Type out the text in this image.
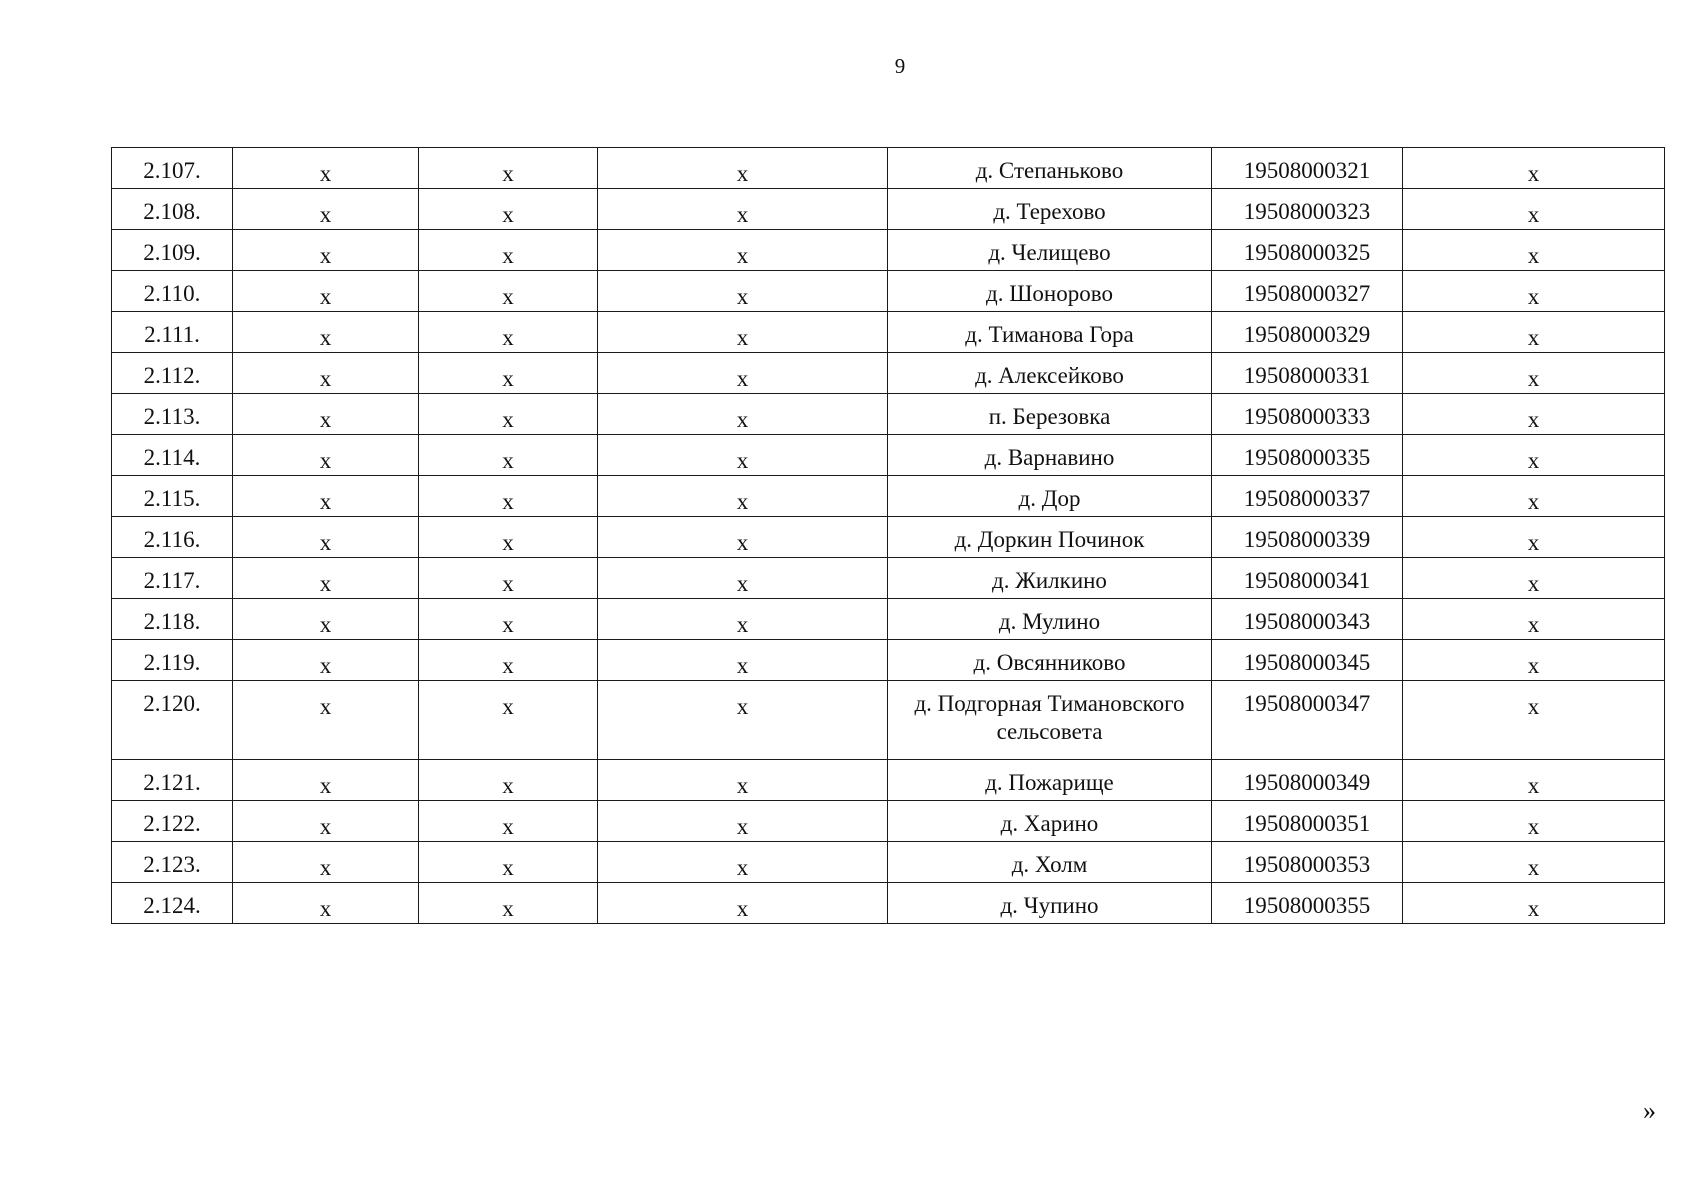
9
2.107.	x	x	x	д. Степаньково	19508000321	x
2.108.	x	x	x	д. Терехово	19508000323	x
2.109.	x	x	x	д. Челищево	19508000325	x
2.110.	x	x	x	д. Шонорово	19508000327	x
2.111.	x	x	x	д. Тиманова Гора	19508000329	x
2.112.	x	x	x	д. Алексейково	19508000331	x
2.113.	x	x	x	п. Березовка	19508000333	x
2.114.	x	x	x	д. Варнавино	19508000335	x
2.115.	x	x	x	д. Дор	19508000337	x
2.116.	x	x	x	д. Доркин Починок	19508000339	x
2.117.	x	x	x	д. Жилкино	19508000341	x
2.118.	x	x	x	д. Мулино	19508000343	x
2.119.	x	x	x	д. Овсянниково	19508000345	x
2.120.	x	x	x	д. Подгорная Тимановского сельсовета	19508000347	x
2.121.	x	x	x	д. Пожарище	19508000349	x
2.122.	x	x	x	д. Харино	19508000351	x
2.123.	x	x	x	д. Холм	19508000353	x
2.124.	x	x	x	д. Чупино	19508000355	x
»
